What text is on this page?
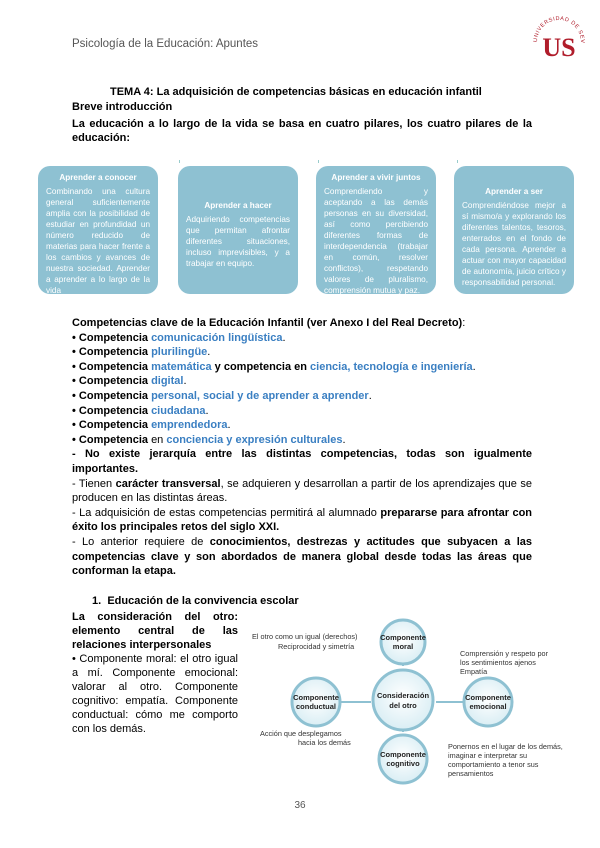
Psicología de la Educación: Apuntes	UNIVERSIDAD DE SEV
US
TEMA 4: La adquisición de competencias básicas en educación infantil
Breve introducción
La educación a lo largo de la vida se basa en cuatro pilares, los cuatro pilares de la educación:
Aprender a conocer
Combinando una cultura general suficientemente amplia con la posibilidad de estudiar en profundidad un número reducido de materias para hacer frente a los cambios y avances de nuestra sociedad. Aprender a aprender a lo largo de la vida
Aprender a hacer
Adquiriendo competencias que permitan afrontar diferentes situaciones, incluso imprevisibles, y a trabajar en equipo.
Aprender a vivir juntos
Comprendiendo y aceptando a las demás personas en su diversidad, así como percibiendo diferentes formas de interdependencia (trabajar en común, resolver conflictos), respetando valores de pluralismo, comprensión mutua y paz.
Aprender a ser
Comprendiéndose mejor a sí mismo/a y explorando los diferentes talentos, tesoros, enterrados en el fondo de cada persona. Aprender a actuar con mayor capacidad de autonomía, juicio crítico y responsabilidad personal.

Competencias clave de la Educación Infantil (ver Anexo I del Real Decreto):

• Competencia comunicación lingüística.

• Competencia plurilingüe.

• Competencia matemática y competencia en ciencia, tecnología e ingeniería.

• Competencia digital.

• Competencia personal, social y de aprender a aprender.

• Competencia ciudadana.

• Competencia emprendedora.

• Competencia en conciencia y expresión culturales.

- No existe jerarquía entre las distintas competencias, todas son igualmente importantes.

- Tienen carácter transversal, se adquieren y desarrollan a partir de los aprendizajes que se producen en las distintas áreas.

- La adquisición de estas competencias permitirá al alumnado prepararse para afrontar con éxito los principales retos del siglo XXI.

- Lo anterior requiere de conocimientos, destrezas y actitudes que subyacen a las competencias clave y son abordados de manera global desde todas las áreas que conforman la etapa.

1. Educación de la convivencia escolar
La consideración del otro: elemento central de las relaciones interpersonales
• Componente moral: el otro igual a mí. Componente emocional: valorar al otro. Componente cognitivo: empatía. Componente conductual: cómo me comporto con los demás.
Componente
moral
Consideración
del otro
Componente
conductual
Componente
emocional
Componente
cognitivo
El otro como un igual (derechos)
Reciprocidad y simetría
Comprensión y respeto por
los sentimientos ajenos
Empatía
Acción que desplegamos
hacia los demás	Ponernos en el lugar de los demás,
imaginar e interpretar su
comportamiento a tenor sus
pensamientos
36
